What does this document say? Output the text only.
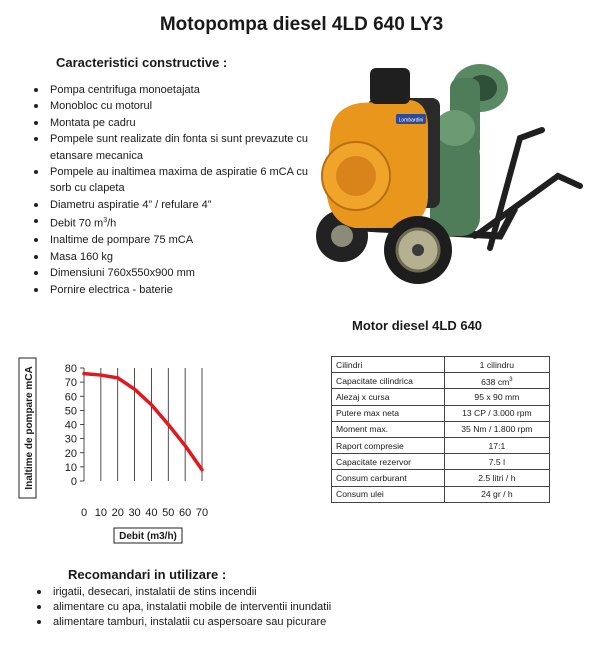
Motopompa diesel 4LD 640 LY3
Caracteristici constructive :
Pompa centrifuga monoetajata
Monobloc cu motorul
Montata pe cadru
Pompele sunt realizate din fonta si sunt prevazute cu etansare mecanica
Pompele au inaltimea maxima de aspiratie 6 mCA cu sorb cu clapeta
Diametru aspiratie 4” / refulare 4”
Debit 70 $m^3/h$
Inaltime de pompare 75 mCA
Masa 160 kg
Dimensiuni 760x550x900 mm
Pornire electrica - baterie
Lombardini
Motor diesel 4LD 640
Cilindri	1 cilindru
Capacitate cilindrica	638 $cm^3$
Alezaj x cursa	95 x 90 mm
Putere max neta	13 CP / 3.000 rpm
Moment max.	35 Nm / 1.800 rpm
Raport compresie	17:1
Capacitate rezervor	7.5 l
Consum carburant	2.5 litri / h
Consum ulei	24 gr / h
0
10
20
30
40
50
60
70
80
0 10 20 30 40 50 60 70
Inaltime de pompare mCA
Debit (m3/h)
Recomandari in utilizare :
irigatii, desecari, instalatii de stins incendii
alimentare cu apa, instalatii mobile de interventii inundatii
alimentare tamburi, instalatii cu aspersoare sau picurare
